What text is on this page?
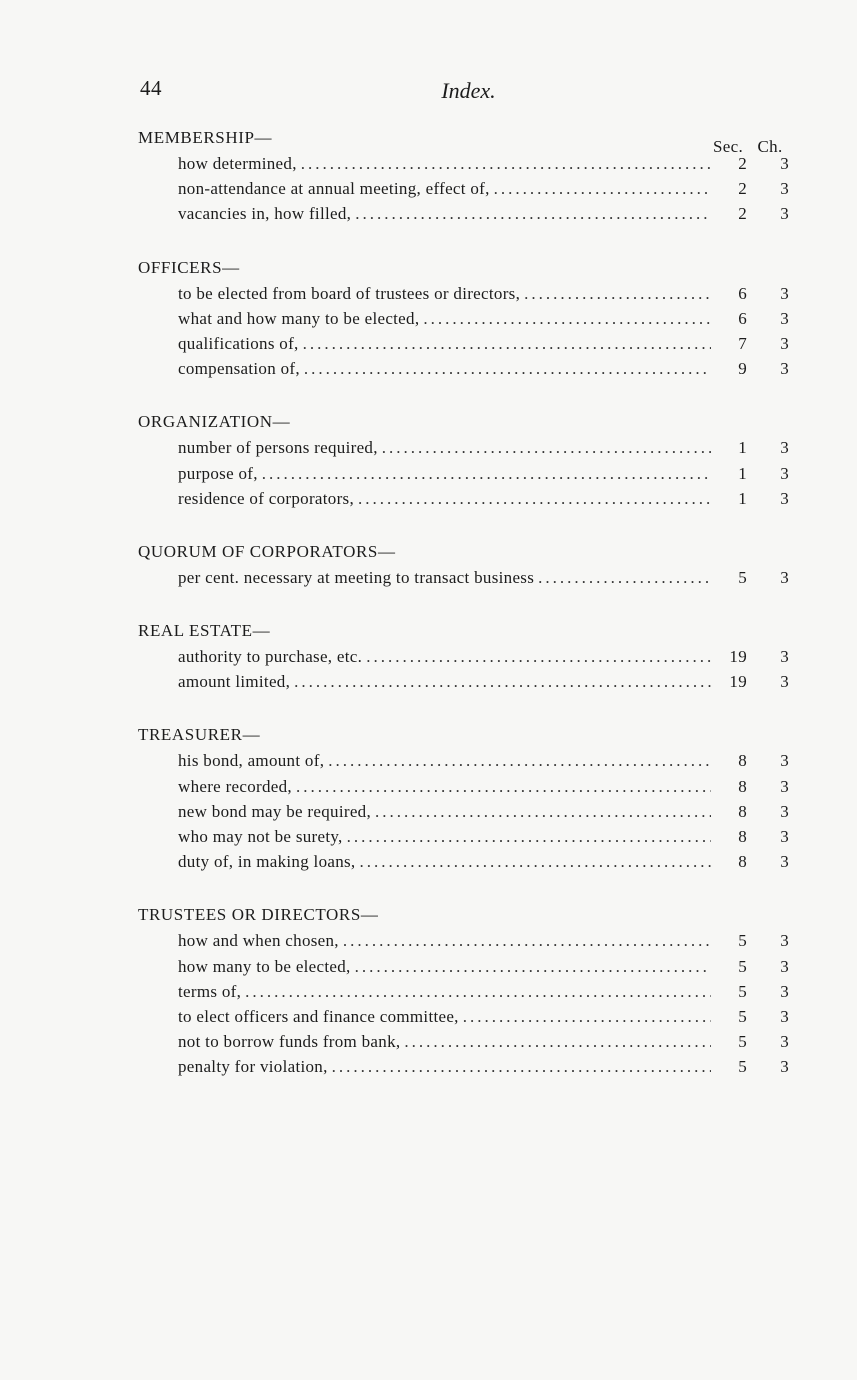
44	Index.
MEMBERSHIP—	Sec. Ch.
how determined, .....	2	3
non-attendance at annual meeting, effect of, .....	2	3
vacancies in, how filled, .....	2	3
OFFICERS—
to be elected from board of trustees or directors, .....	6	3
what and how many to be elected, .....	6	3
qualifications of, .....	7	3
compensation of, .....	9	3
ORGANIZATION—
number of persons required, .....	1	3
purpose of, .....	1	3
residence of corporators, .....	1	3
QUORUM OF CORPORATORS—
per cent. necessary at meeting to transact business .....	5	3
REAL ESTATE—
authority to purchase, etc. .....	19	3
amount limited, .....	19	3
TREASURER—
his bond, amount of, .....	8	3
where recorded, .....	8	3
new bond may be required, .....	8	3
who may not be surety, .....	8	3
duty of, in making loans, .....	8	3
TRUSTEES OR DIRECTORS—
how and when chosen, .....	5	3
how many to be elected, .....	5	3
terms of, .....	5	3
to elect officers and finance committee, .....	5	3
not to borrow funds from bank, .....	5	3
penalty for violation, .....	5	3
